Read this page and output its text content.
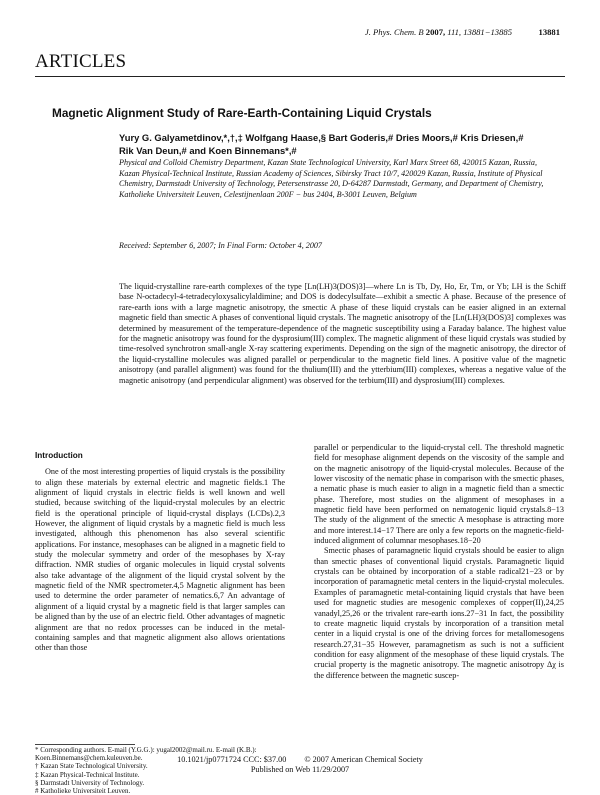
J. Phys. Chem. B 2007, 111, 13881−13885	13881
ARTICLES
Magnetic Alignment Study of Rare-Earth-Containing Liquid Crystals
Yury G. Galyametdinov,*,†,‡ Wolfgang Haase,§ Bart Goderis,# Dries Moors,# Kris Driesen,#
Rik Van Deun,# and Koen Binnemans*,#
Physical and Colloid Chemistry Department, Kazan State Technological University, Karl Marx Street 68, 420015 Kazan, Russia, Kazan Physical-Technical Institute, Russian Academy of Sciences, Sibirsky Tract 10/7, 420029 Kazan, Russia, Institute of Physical Chemistry, Darmstadt University of Technology, Petersenstrasse 20, D-64287 Darmstadt, Germany, and Department of Chemistry, Katholieke Universiteit Leuven, Celestijnenlaan 200F − bus 2404, B-3001 Leuven, Belgium
Received: September 6, 2007; In Final Form: October 4, 2007
The liquid-crystalline rare-earth complexes of the type [Ln(LH)3(DOS)3]—where Ln is Tb, Dy, Ho, Er, Tm, or Yb; LH is the Schiff base N-octadecyl-4-tetradecyloxysalicylaldimine; and DOS is dodecylsulfate—exhibit a smectic A phase. Because of the presence of rare-earth ions with a large magnetic anisotropy, the smectic A phase of these liquid crystals can be easier aligned in an external magnetic field than smectic A phases of conventional liquid crystals. The magnetic anisotropy of the [Ln(LH)3(DOS)3] complexes was determined by measurement of the temperature-dependence of the magnetic susceptibility using a Faraday balance. The highest value for the magnetic anisotropy was found for the dysprosium(III) complex. The magnetic alignment of these liquid crystals was studied by time-resolved synchrotron small-angle X-ray scattering experiments. Depending on the sign of the magnetic anisotropy, the director of the liquid-crystalline molecules was aligned parallel or perpendicular to the magnetic field lines. A positive value of the magnetic anisotropy (and parallel alignment) was found for the thulium(III) and the ytterbium(III) complexes, whereas a negative value of the magnetic anisotropy (and perpendicular alignment) was observed for the terbium(III) and dysprosium(III) complexes.

Introduction

One of the most interesting properties of liquid crystals is the possibility to align these materials by external electric and magnetic fields.1 The alignment of liquid crystals in electric fields is well known and well studied, because switching of the liquid-crystal molecules by an electric field is the operational principle of liquid-crystal displays (LCDs).2,3 However, the alignment of liquid crystals by a magnetic field is much less investigated, although this phenomenon has also several scientific applications. For instance, mesophases can be aligned in a magnetic field to study the molecular symmetry and order of the mesophases by X-ray diffraction. NMR studies of organic molecules in liquid crystal solvents also take advantage of the alignment of the liquid crystal solvent by the magnetic field of the NMR spectrometer.4,5 Magnetic alignment has been used to determine the order parameter of nematics.6,7 An advantage of alignment of a liquid crystal by a magnetic field is that larger samples can be aligned than by the use of an electric field. Other advantages of magnetic alignment are that no redox processes can be induced in the metal-containing samples and that magnetic alignment also allows orientations other than those

parallel or perpendicular to the liquid-crystal cell. The threshold magnetic field for mesophase alignment depends on the viscosity of the sample and on the magnetic anisotropy of the liquid-crystal molecules. Because of the lower viscosity of the nematic phase in comparison with the smectic phases, a nematic phase is much easier to align in a magnetic field than a smectic phase. Therefore, most studies on the alignment of mesophases in a magnetic field have been performed on nematogenic liquid crystals.8−13 The study of the alignment of the smectic A mesophase is attracting more and more interest.14−17 There are only a few reports on the magnetic-field-induced alignment of columnar mesophases.18−20

Smectic phases of paramagnetic liquid crystals should be easier to align than smectic phases of conventional liquid crystals. Paramagnetic liquid crystals can be obtained by incorporation of a stable radical21−23 or by incorporation of paramagnetic metal centers in the liquid-crystal molecules. Examples of paramagnetic metal-containing liquid crystals that have been used for magnetic studies are mesogenic complexes of copper(II),24,25 vanadyl,25,26 or the trivalent rare-earth ions.27−31 In fact, the possibility to create magnetic liquid crystals by incorporation of a transition metal center in a liquid crystal is one of the driving forces for metallomesogens research.27,31−35 However, paramagnetism as such is not a sufficient condition for easy alignment of the mesophase of these liquid crystals. The crucial property is the magnetic anisotropy. The magnetic anisotropy Δχ is the difference between the magnetic suscep-

* Corresponding authors. E-mail (Y.G.G.): yugal2002@mail.ru. E-mail (K.B.): Koen.Binnemans@chem.kuleuven.be.
† Kazan State Technological University.
‡ Kazan Physical-Technical Institute.
§ Darmstadt University of Technology.
# Katholieke Universiteit Leuven.
10.1021/jp0771724 CCC: $37.00 © 2007 American Chemical Society
Published on Web 11/29/2007
